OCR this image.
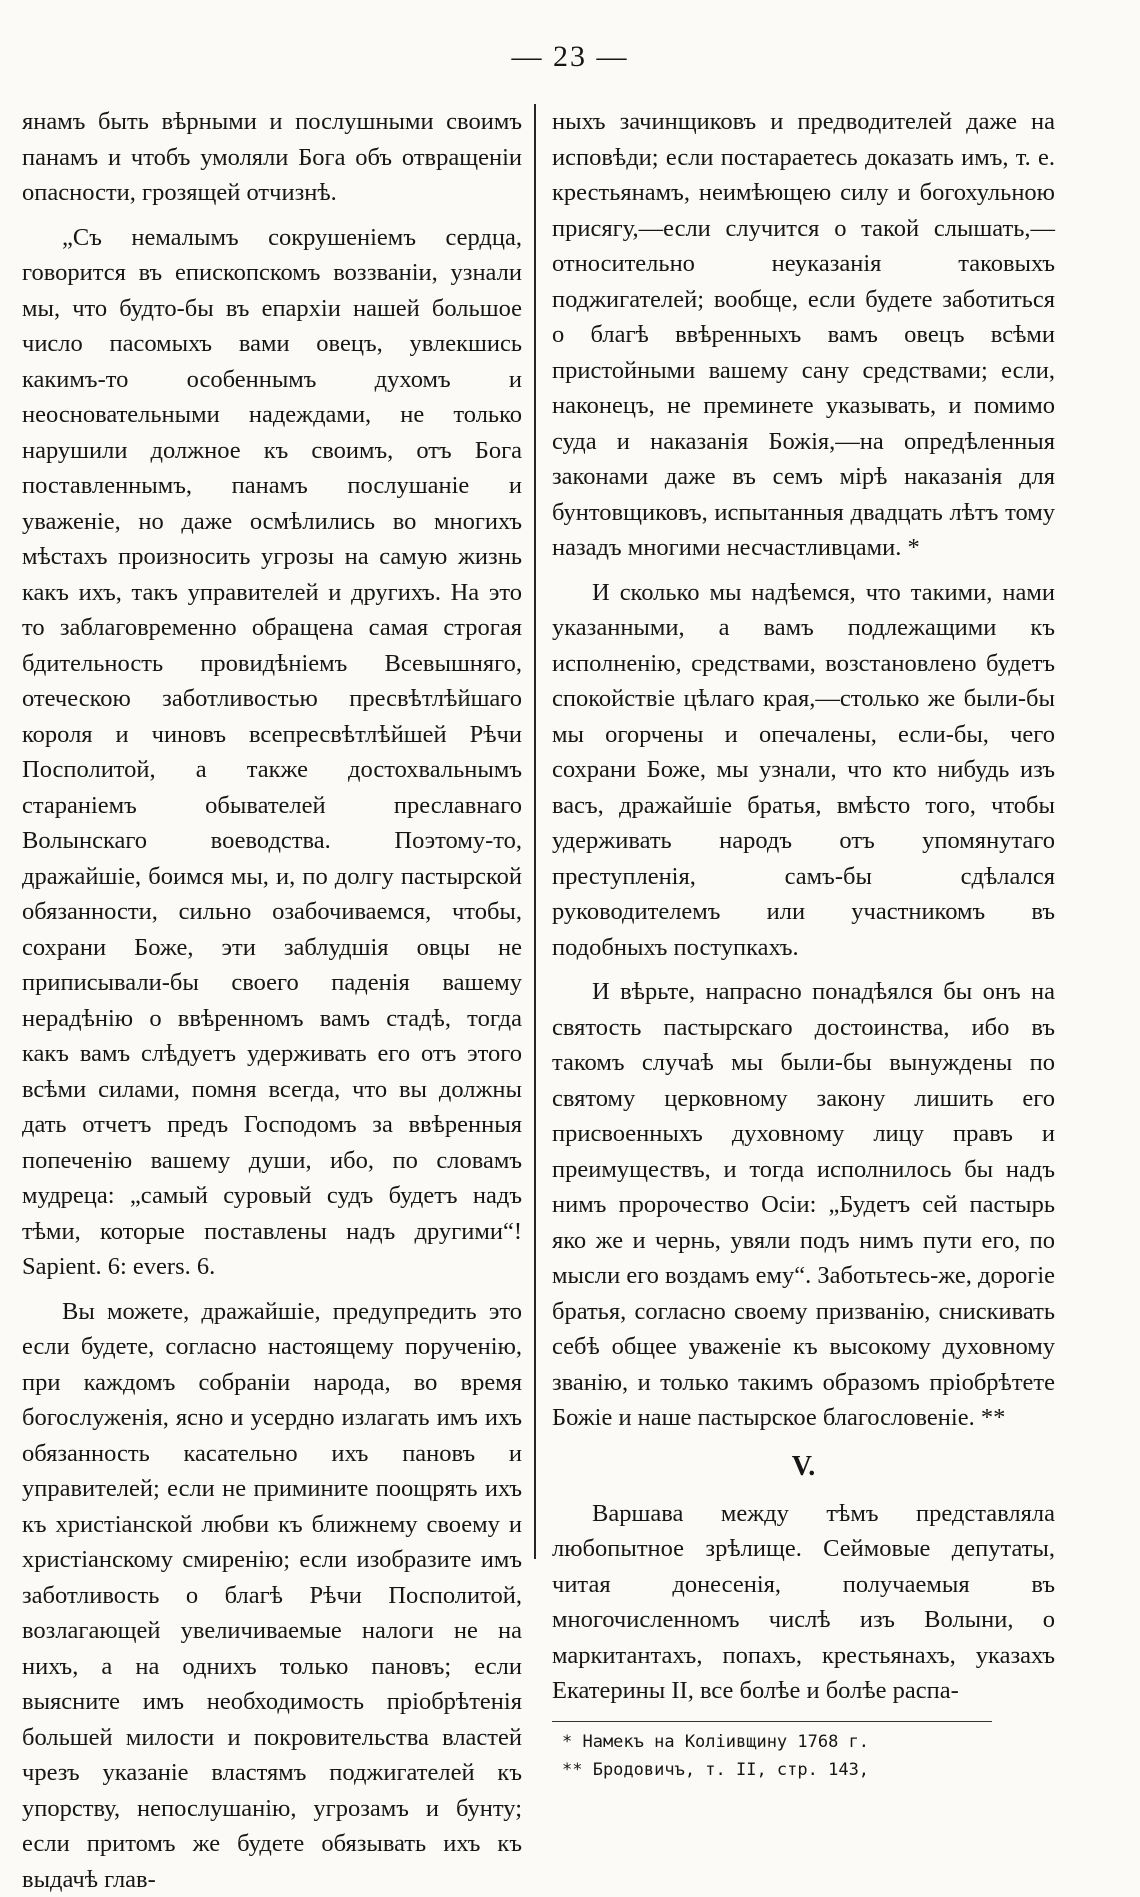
— 23 —

янамъ быть вѣрными и послушными своимъ панамъ и чтобъ умоляли Бога объ отвращеніи опасности, грозящей отчизнѣ.

„Съ немалымъ сокрушеніемъ сердца, говорится въ епископскомъ воззваніи, узнали мы, что будто-бы въ епархіи нашей большое число пасомыхъ вами овецъ, увлекшись какимъ-то особеннымъ духомъ и неосновательными надеждами, не только нарушили должное къ своимъ, отъ Бога поставленнымъ, панамъ послушаніе и уваженіе, но даже осмѣлились во многихъ мѣстахъ произносить угрозы на самую жизнь какъ ихъ, такъ управителей и другихъ. На это то заблаговременно обращена самая строгая бдительность провидѣніемъ Всевышняго, отеческою заботливостью пресвѣтлѣйшаго короля и чиновъ всепресвѣтлѣйшей Рѣчи Посполитой, а также достохвальнымъ стараніемъ обывателей преславнаго Волынскаго воеводства. Поэтому-то, дражайшіе, боимся мы, и, по долгу пастырской обязанности, сильно озабочиваемся, чтобы, сохрани Боже, эти заблудшія овцы не приписывали-бы своего паденія вашему нерадѣнію о ввѣренномъ вамъ стадѣ, тогда какъ вамъ слѣдуетъ удерживать его отъ этого всѣми силами, помня всегда, что вы должны дать отчетъ предъ Господомъ за ввѣренныя попеченію вашему души, ибо, по словамъ мудреца: „самый суровый судъ будетъ надъ тѣми, которые поставлены надъ другими“! Sapient. 6: evers. 6.

Вы можете, дражайшіе, предупредить это если будете, согласно настоящему порученію, при каждомъ собраніи народа, во время богослуженія, ясно и усердно излагать имъ ихъ обязанность касательно ихъ пановъ и управителей; если не примините поощрять ихъ къ христіанской любви къ ближнему своему и христіанскому смиренію; если изобразите имъ заботливость о благѣ Рѣчи Посполитой, возлагающей увеличиваемые налоги не на нихъ, а на однихъ только пановъ; если выясните имъ необходимость пріобрѣтенія большей милости и покровительства властей чрезъ указаніе властямъ поджигателей къ упорству, непослушанію, угрозамъ и бунту; если притомъ же будете обязывать ихъ къ выдачѣ глав-

ныхъ зачинщиковъ и предводителей даже на исповѣди; если постараетесь доказать имъ, т. е. крестьянамъ, неимѣющею силу и богохульною присягу,—если случится о такой слышать,—относительно неуказанія таковыхъ поджигателей; вообще, если будете заботиться о благѣ ввѣренныхъ вамъ овецъ всѣми пристойными вашему сану средствами; если, наконецъ, не преминете указывать, и помимо суда и наказанія Божія,—на опредѣленныя законами даже въ семъ мірѣ наказанія для бунтовщиковъ, испытанныя двадцать лѣтъ тому назадъ многими несчастливцами. *

И сколько мы надѣемся, что такими, нами указанными, а вамъ подлежащими къ исполненію, средствами, возстановлено будетъ спокойствіе цѣлаго края,—столько же были-бы мы огорчены и опечалены, если-бы, чего сохрани Боже, мы узнали, что кто нибудь изъ васъ, дражайшіе братья, вмѣсто того, чтобы удерживать народъ отъ упомянутаго преступленія, самъ-бы сдѣлался руководителемъ или участникомъ въ подобныхъ поступкахъ.

И вѣрьте, напрасно понадѣялся бы онъ на святость пастырскаго достоинства, ибо въ такомъ случаѣ мы были-бы вынуждены по святому церковному закону лишить его присвоенныхъ духовному лицу правъ и преимуществъ, и тогда исполнилось бы надъ нимъ пророчество Осіи: „Будетъ сей пастырь яко же и чернь, увяли подъ нимъ пути его, по мысли его воздамъ ему“. Заботьтесь-же, дорогіе братья, согласно своему призванію, снискивать себѣ общее уваженіе къ высокому духовному званію, и только такимъ образомъ пріобрѣтете Божіе и наше пастырское благословеніе. **

V.

Варшава между тѣмъ представляла любопытное зрѣлище. Сеймовые депутаты, читая донесенія, получаемыя въ многочисленномъ числѣ изъ Волыни, о маркитантахъ, попахъ, крестьянахъ, указахъ Екатерины II, все болѣе и болѣе распа-

* Намекъ на Колiивщину 1768 г.
** Бродовичъ, т. II, стр. 143,
